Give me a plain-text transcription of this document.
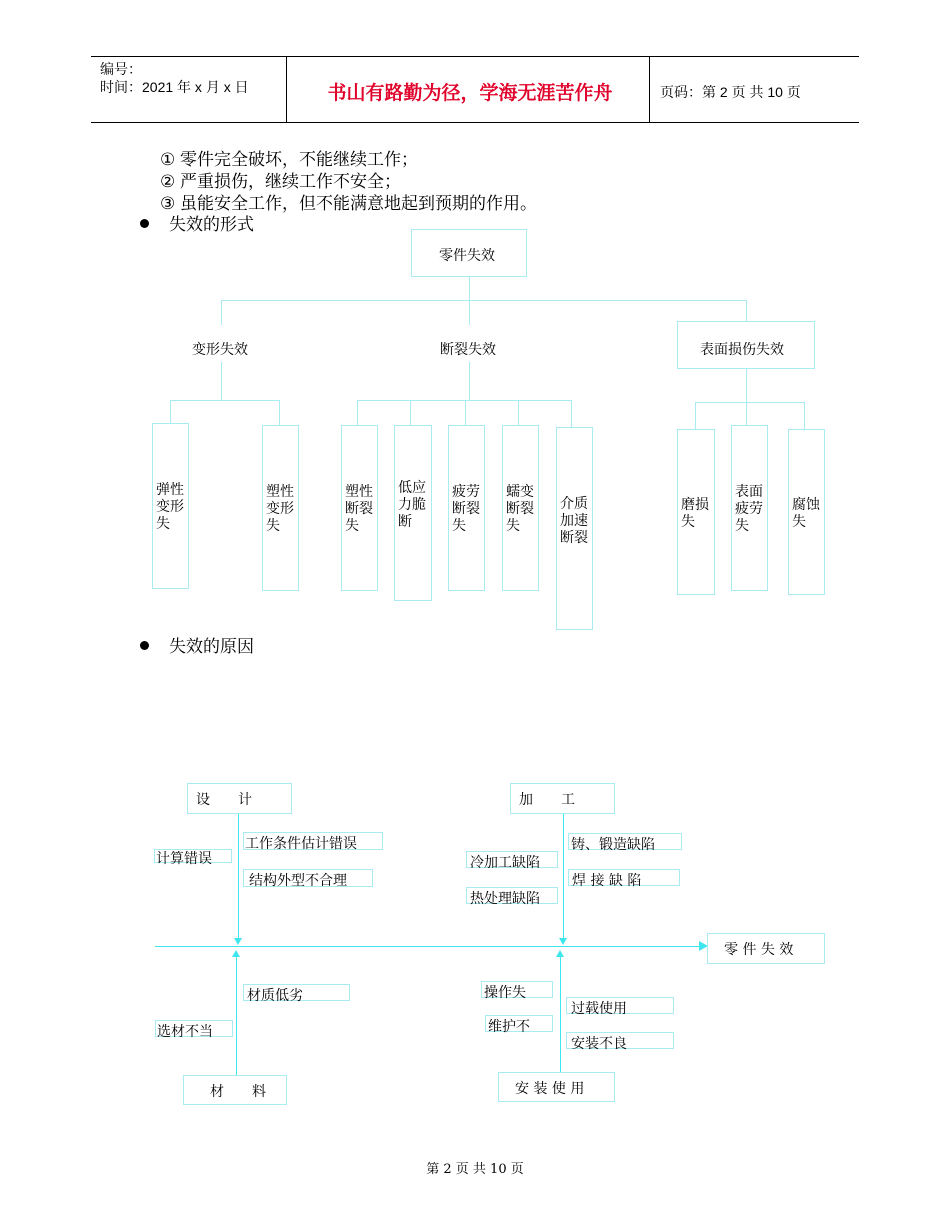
编号：
时间：2021 年 x 月 x 日	书山有路勤为径，学海无涯苦作舟	页码：第 2 页 共 10 页
① 零件完全破坏，不能继续工作；
② 严重损伤，继续工作不安全；
③ 虽能安全工作，但不能满意地起到预期的作用。
失效的形式
零件失效
变形失效	断裂失效	表面损伤失效
弹性变形失
塑性变形失
塑性断裂失
低应力脆断
疲劳断裂失
蠕变断裂失
介质加速断裂
磨损失
表面疲劳失
腐蚀失
失效的原因
零 件 失 效
设　　计
工作条件估计错误
计算错误
结构外型不合理
加　　工
铸、锻造缺陷
冷加工缺陷
焊 接 缺 陷
热处理缺陷
材质低劣
选材不当
材　　料
操作失
过载使用
维护不
安装不良
安 装 使 用
第 2 页 共 10 页
